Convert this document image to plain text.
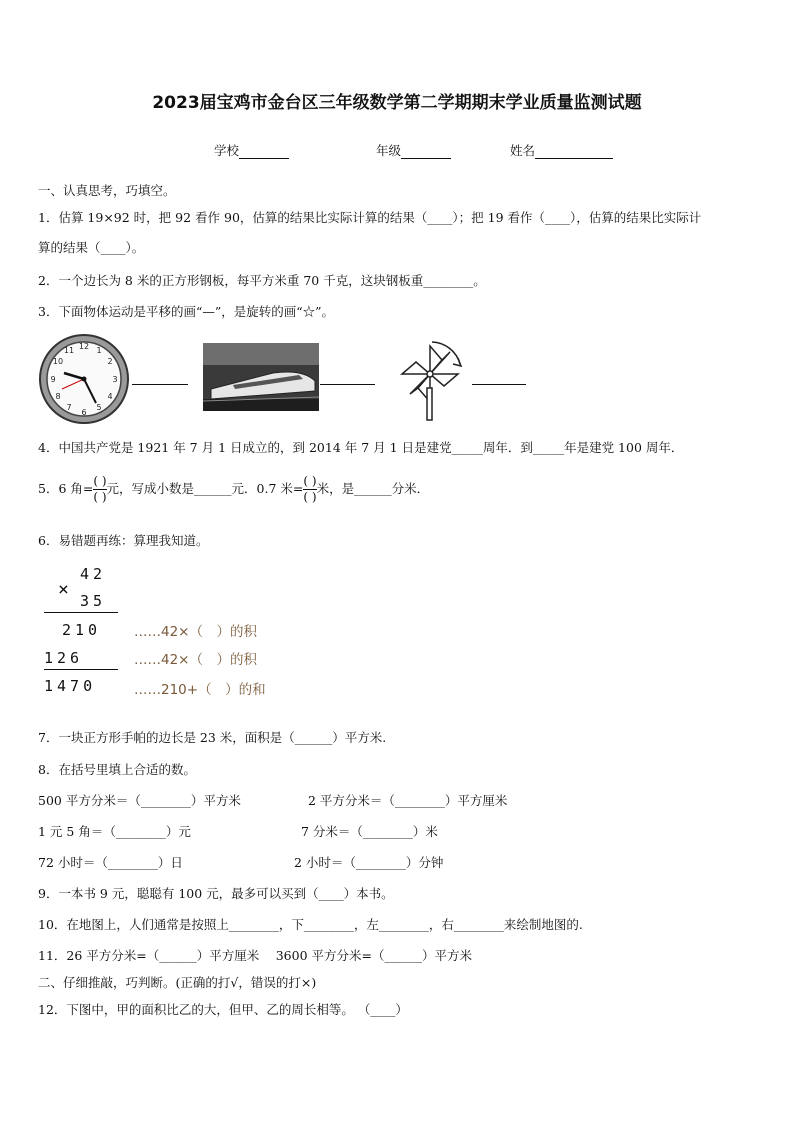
2023届宝鸡市金台区三年级数学第二学期期末学业质量监测试题
学校	年级	姓名
一、认真思考，巧填空。
1．估算 19×92 时，把 92 看作 90，估算的结果比实际计算的结果（____）；把 19 看作（____），估算的结果比实际计
算的结果（____）。
2．一个边长为 8 米的正方形钢板，每平方米重 70 千克，这块钢板重________。
3．下面物体运动是平移的画“—”，是旋转的画“☆”。
12 1
2
3
4
5
6
7
8
9
10
11
4．中国共产党是 1921 年 7 月 1 日成立的，到 2014 年 7 月 1 日是建党_____周年．到_____年是建党 100 周年．
5．6 角= $\frac{( )}{( )}$ 元，写成小数是______元．0.7 米= $\frac{( )}{( )}$ 米，是______分米．
6．易错题再练：算理我知道。
42
×
35
210
126
1470
……42×（　）的积
……42×（　）的积
……210+（　）的和
7．一块正方形手帕的边长是 23 米，面积是（______）平方米.
8．在括号里填上合适的数。
500 平方分米＝（________）平方米	2 平方分米＝（________）平方厘米
1 元 5 角＝（________）元	7 分米＝（________）米
72 小时＝（________）日	2 小时＝（________）分钟
9．一本书 9 元，聪聪有 100 元，最多可以买到（____）本书。
10．在地图上，人们通常是按照上________，下________，左________，右________来绘制地图的.
11．26 平方分米=（______）平方厘米　 3600 平方分米=（______）平方米
二、仔细推敲，巧判断。(正确的打√，错误的打×)
12．下图中，甲的面积比乙的大，但甲、乙的周长相等。 （____）
